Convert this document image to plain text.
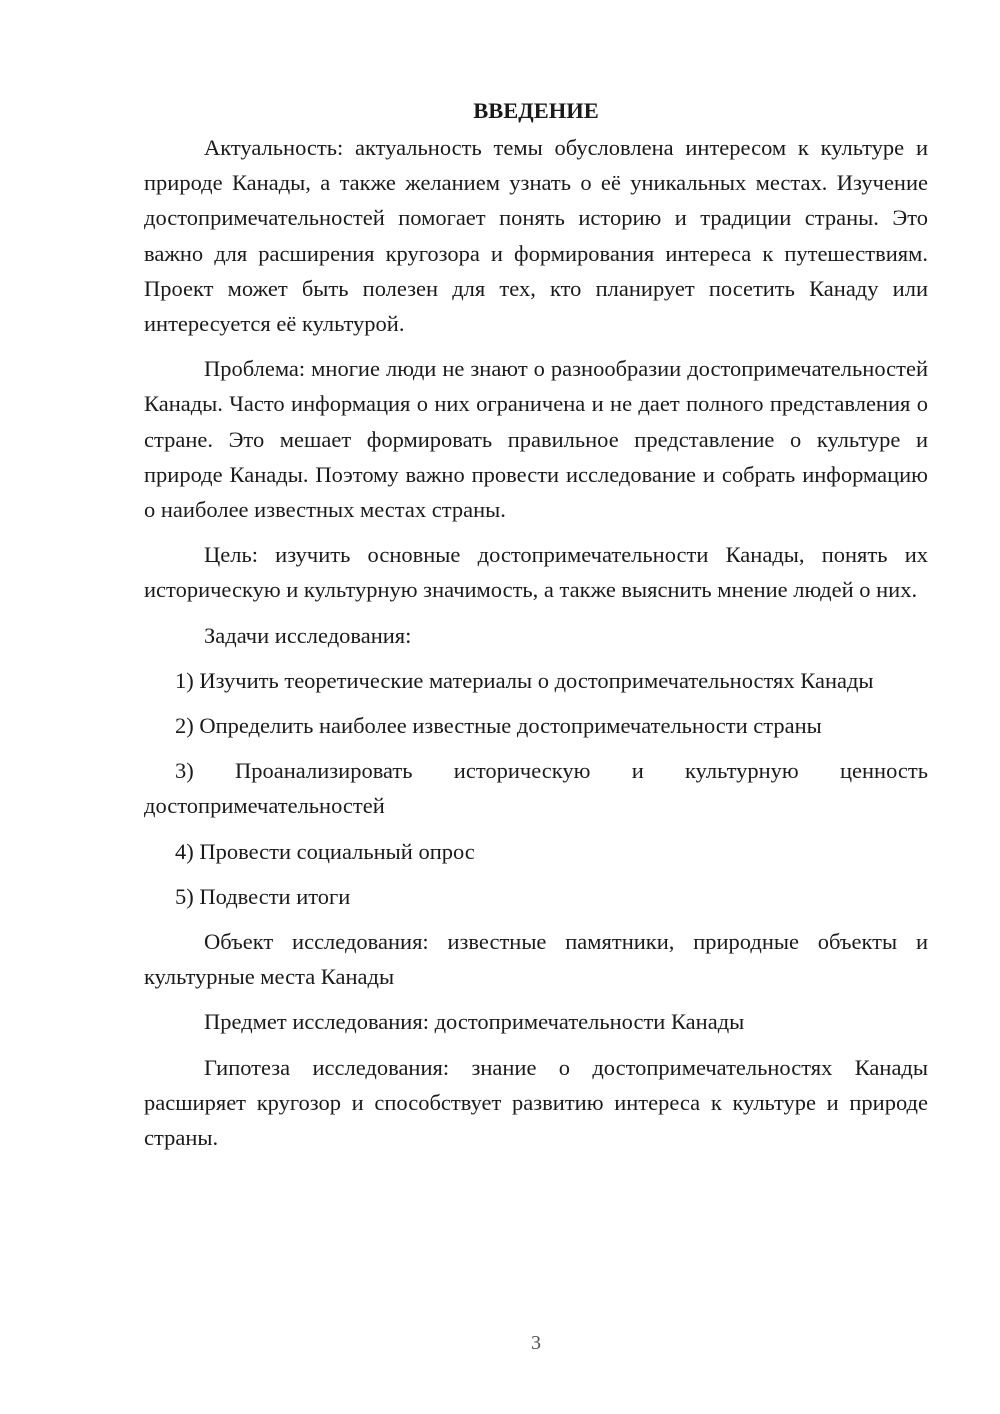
ВВЕДЕНИЕ

Актуальность: актуальность темы обусловлена интересом к культуре и природе Канады, а также желанием узнать о её уникальных местах. Изучение достопримечательностей помогает понять историю и традиции страны. Это важно для расширения кругозора и формирования интереса к путешествиям. Проект может быть полезен для тех, кто планирует посетить Канаду или интересуется её культурой.

Проблема: многие люди не знают о разнообразии достопримечательностей Канады. Часто информация о них ограничена и не дает полного представления о стране. Это мешает формировать правильное представление о культуре и природе Канады. Поэтому важно провести исследование и собрать информацию о наиболее известных местах страны.

Цель: изучить основные достопримечательности Канады, понять их историческую и культурную значимость, а также выяснить мнение людей о них.

Задачи исследования:

1) Изучить теоретические материалы о достопримечательностях Канады

2) Определить наиболее известные достопримечательности страны

3) Проанализировать историческую и культурную ценность достопримечательностей

4) Провести социальный опрос

5) Подвести итоги

Объект исследования: известные памятники, природные объекты и культурные места Канады

Предмет исследования: достопримечательности Канады

Гипотеза исследования: знание о достопримечательностях Канады расширяет кругозор и способствует развитию интереса к культуре и природе страны.

3
